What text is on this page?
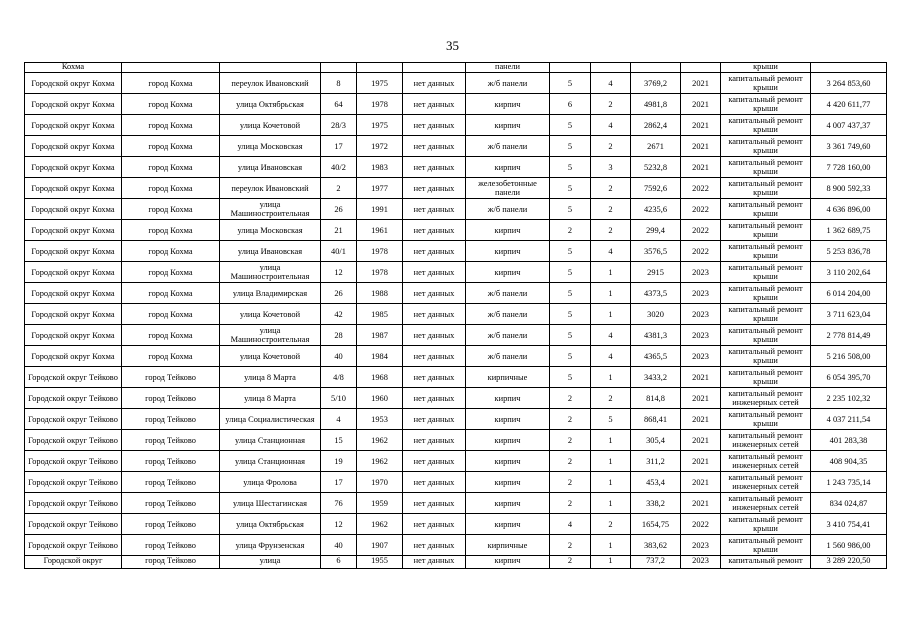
35
Кохма						панели					крыши	
Городской округ Кохма	город Кохма	переулок Ивановский	8	1975	нет данных	ж/б панели	5	4	3769,2	2021	капитальный ремонт крыши	3 264 853,60
Городской округ Кохма	город Кохма	улица Октябрьская	64	1978	нет данных	кирпич	6	2	4981,8	2021	капитальный ремонт крыши	4 420 611,77
Городской округ Кохма	город Кохма	улица Кочетовой	28/3	1975	нет данных	кирпич	5	4	2862,4	2021	капитальный ремонт крыши	4 007 437,37
Городской округ Кохма	город Кохма	улица Московская	17	1972	нет данных	ж/б панели	5	2	2671	2021	капитальный ремонт крыши	3 361 749,60
Городской округ Кохма	город Кохма	улица Ивановская	40/2	1983	нет данных	кирпич	5	3	5232,8	2021	капитальный ремонт крыши	7 728 160,00
Городской округ Кохма	город Кохма	переулок Ивановский	2	1977	нет данных	железобетонные панели	5	2	7592,6	2022	капитальный ремонт крыши	8 900 592,33
Городской округ Кохма	город Кохма	улица Машиностроительная	26	1991	нет данных	ж/б панели	5	2	4235,6	2022	капитальный ремонт крыши	4 636 896,00
Городской округ Кохма	город Кохма	улица Московская	21	1961	нет данных	кирпич	2	2	299,4	2022	капитальный ремонт крыши	1 362 689,75
Городской округ Кохма	город Кохма	улица Ивановская	40/1	1978	нет данных	кирпич	5	4	3576,5	2022	капитальный ремонт крыши	5 253 836,78
Городской округ Кохма	город Кохма	улица Машиностроительная	12	1978	нет данных	кирпич	5	1	2915	2023	капитальный ремонт крыши	3 110 202,64
Городской округ Кохма	город Кохма	улица Владимирская	26	1988	нет данных	ж/б панели	5	1	4373,5	2023	капитальный ремонт крыши	6 014 204,00
Городской округ Кохма	город Кохма	улица Кочетовой	42	1985	нет данных	ж/б панели	5	1	3020	2023	капитальный ремонт крыши	3 711 623,04
Городской округ Кохма	город Кохма	улица Машиностроительная	28	1987	нет данных	ж/б панели	5	4	4381,3	2023	капитальный ремонт крыши	2 778 814,49
Городской округ Кохма	город Кохма	улица Кочетовой	40	1984	нет данных	ж/б панели	5	4	4365,5	2023	капитальный ремонт крыши	5 216 508,00
Городской округ Тейково	город Тейково	улица 8 Марта	4/8	1968	нет данных	кирпичные	5	1	3433,2	2021	капитальный ремонт крыши	6 054 395,70
Городской округ Тейково	город Тейково	улица 8 Марта	5/10	1960	нет данных	кирпич	2	2	814,8	2021	капитальный ремонт инженерных сетей	2 235 102,32
Городской округ Тейково	город Тейково	улица Социалистическая	4	1953	нет данных	кирпич	2	5	868,41	2021	капитальный ремонт крыши	4 037 211,54
Городской округ Тейково	город Тейково	улица Станционная	15	1962	нет данных	кирпич	2	1	305,4	2021	капитальный ремонт инженерных сетей	401 283,38
Городской округ Тейково	город Тейково	улица Станционная	19	1962	нет данных	кирпич	2	1	311,2	2021	капитальный ремонт инженерных сетей	408 904,35
Городской округ Тейково	город Тейково	улица Фролова	17	1970	нет данных	кирпич	2	1	453,4	2021	капитальный ремонт инженерных сетей	1 243 735,14
Городской округ Тейково	город Тейково	улица Шестагинская	76	1959	нет данных	кирпич	2	1	338,2	2021	капитальный ремонт инженерных сетей	834 024,87
Городской округ Тейково	город Тейково	улица Октябрьская	12	1962	нет данных	кирпич	4	2	1654,75	2022	капитальный ремонт крыши	3 410 754,41
Городской округ Тейково	город Тейково	улица Фрунзенская	40	1907	нет данных	кирпичные	2	1	383,62	2023	капитальный ремонт крыши	1 560 986,00
Городской округ	город Тейково	улица	6	1955	нет данных	кирпич	2	1	737,2	2023	капитальный ремонт	3 289 220,50
